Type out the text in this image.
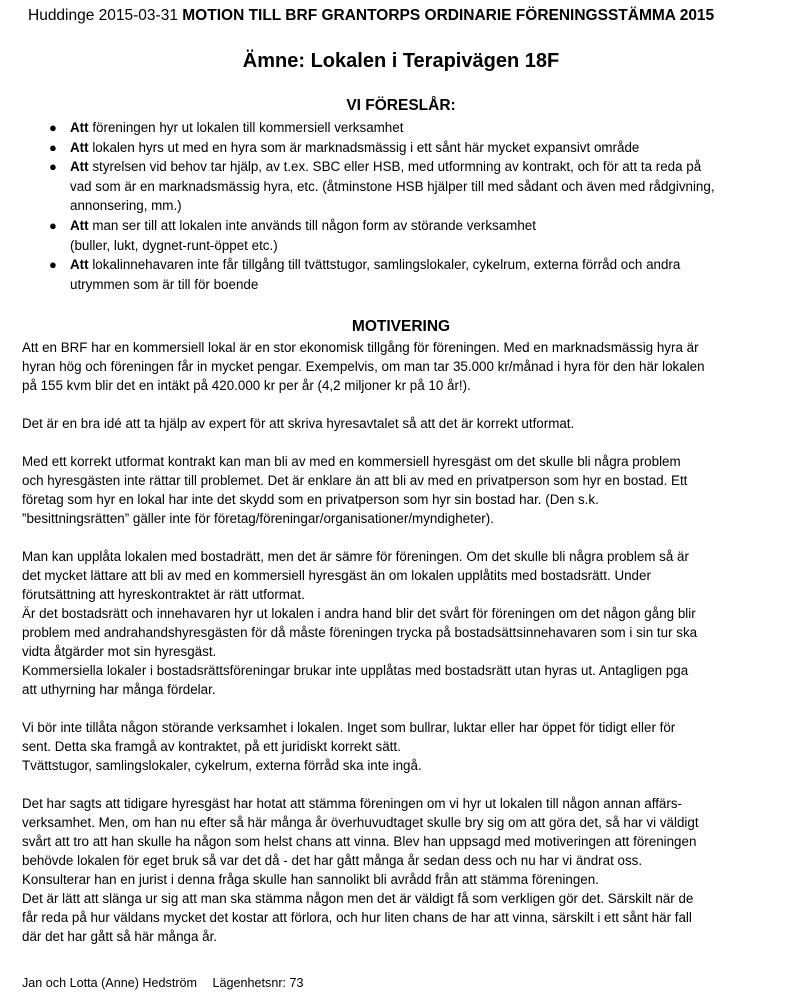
Huddinge 2015-03-31 MOTION TILL BRF GRANTORPS ORDINARIE FÖRENINGSSTÄMMA 2015
Ämne: Lokalen i Terapivägen 18F
VI FÖRESLÅR:
● Att föreningen hyr ut lokalen till kommersiell verksamhet
● Att lokalen hyrs ut med en hyra som är marknadsmässig i ett sånt här mycket expansivt område
● Att styrelsen vid behov tar hjälp, av t.ex. SBC eller HSB, med utformning av kontrakt, och för att ta reda på
vad som är en marknadsmässig hyra, etc. (åtminstone HSB hjälper till med sådant och även med rådgivning,
annonsering, mm.)
● Att man ser till att lokalen inte används till någon form av störande verksamhet
(buller, lukt, dygnet-runt-öppet etc.)
● Att lokalinnehavaren inte får tillgång till tvättstugor, samlingslokaler, cykelrum, externa förråd och andra
utrymmen som är till för boende
MOTIVERING

Att en BRF har en kommersiell lokal är en stor ekonomisk tillgång för föreningen. Med en marknadsmässig hyra är
hyran hög och föreningen får in mycket pengar. Exempelvis, om man tar 35.000 kr/månad i hyra för den här lokalen
på 155 kvm blir det en intäkt på 420.000 kr per år (4,2 miljoner kr på 10 år!).

Det är en bra idé att ta hjälp av expert för att skriva hyresavtalet så att det är korrekt utformat.

Med ett korrekt utformat kontrakt kan man bli av med en kommersiell hyresgäst om det skulle bli några problem
och hyresgästen inte rättar till problemet. Det är enklare än att bli av med en privatperson som hyr en bostad. Ett
företag som hyr en lokal har inte det skydd som en privatperson som hyr sin bostad har. (Den s.k.
”besittningsrätten” gäller inte för företag/föreningar/organisationer/myndigheter).

Man kan upplåta lokalen med bostadrätt, men det är sämre för föreningen. Om det skulle bli några problem så är
det mycket lättare att bli av med en kommersiell hyresgäst än om lokalen upplåtits med bostadsrätt. Under
förutsättning att hyreskontraktet är rätt utformat.
Är det bostadsrätt och innehavaren hyr ut lokalen i andra hand blir det svårt för föreningen om det någon gång blir
problem med andrahandshyresgästen för då måste föreningen trycka på bostadsättsinnehavaren som i sin tur ska
vidta åtgärder mot sin hyresgäst.
Kommersiella lokaler i bostadsrättsföreningar brukar inte upplåtas med bostadsrätt utan hyras ut. Antagligen pga
att uthyrning har många fördelar.

Vi bör inte tillåta någon störande verksamhet i lokalen. Inget som bullrar, luktar eller har öppet för tidigt eller för
sent. Detta ska framgå av kontraktet, på ett juridiskt korrekt sätt.
Tvättstugor, samlingslokaler, cykelrum, externa förråd ska inte ingå.

Det har sagts att tidigare hyresgäst har hotat att stämma föreningen om vi hyr ut lokalen till någon annan affärs-
verksamhet. Men, om han nu efter så här många år överhuvudtaget skulle bry sig om att göra det, så har vi väldigt
svårt att tro att han skulle ha någon som helst chans att vinna. Blev han uppsagd med motiveringen att föreningen
behövde lokalen för eget bruk så var det då - det har gått många år sedan dess och nu har vi ändrat oss.
Konsulterar han en jurist i denna fråga skulle han sannolikt bli avrådd från att stämma föreningen.
Det är lätt att slänga ur sig att man ska stämma någon men det är väldigt få som verkligen gör det. Särskilt när de
får reda på hur väldans mycket det kostar att förlora, och hur liten chans de har att vinna, särskilt i ett sånt här fall
där det har gått så här många år.

Jan och Lotta (Anne) Hedström Lägenhetsnr: 73
